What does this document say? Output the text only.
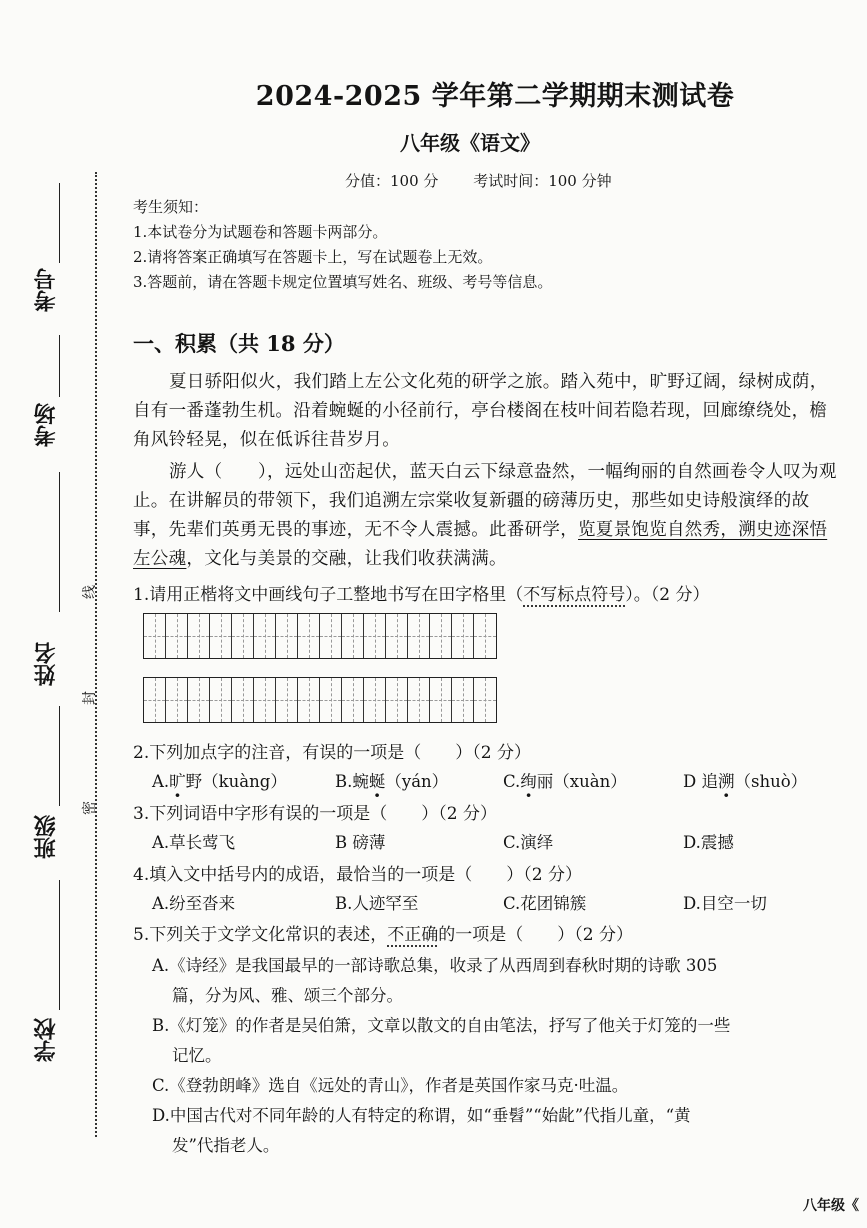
考号
考场
姓名
班级
学校
线
封
密
2024-2025 学年第二学期期末测试卷
八年级《语文》
分值：100 分 考试时间：100 分钟
考生须知：
1.本试卷分为试题卷和答题卡两部分。
2.请将答案正确填写在答题卡上，写在试题卷上无效。
3.答题前，请在答题卡规定位置填写姓名、班级、考号等信息。
一、积累（共 18 分）
夏日骄阳似火，我们踏上左公文化苑的研学之旅。踏入苑中，旷野辽阔，绿树成荫，自有一番蓬勃生机。沿着蜿蜒的小径前行，亭台楼阁在枝叶间若隐若现，回廊缭绕处，檐角风铃轻晃，似在低诉往昔岁月。
游人（　　），远处山峦起伏，蓝天白云下绿意盎然，一幅绚丽的自然画卷令人叹为观止。在讲解员的带领下，我们追溯左宗棠收复新疆的磅薄历史，那些如史诗般演绎的故事，先辈们英勇无畏的事迹，无不令人震撼。此番研学，览夏景饱览自然秀，溯史迹深悟左公魂，文化与美景的交融，让我们收获满满。
1.请用正楷将文中画线句子工整地书写在田字格里（不写标点符号）。（2 分）
2.下列加点字的注音，有误的一项是（　　）（2 分）
A.旷野（kuàng）	B.蜿蜒（yán）	C.绚丽（xuàn）	D 追溯（shuò）
3.下列词语中字形有误的一项是（　　）（2 分）
A.草长莺飞	B 磅薄	C.演绎	D.震撼
4.填入文中括号内的成语，最恰当的一项是（　　）（2 分）
A.纷至沓来	B.人迹罕至	C.花团锦簇	D.目空一切
5.下列关于文学文化常识的表述，不正确的一项是（　　）（2 分）
A.《诗经》是我国最早的一部诗歌总集，收录了从西周到春秋时期的诗歌 305
篇，分为风、雅、颂三个部分。
B.《灯笼》的作者是吴伯箫，文章以散文的自由笔法，抒写了他关于灯笼的一些
记忆。
C.《登勃朗峰》选自《远处的青山》，作者是英国作家马克·吐温。
D.中国古代对不同年龄的人有特定的称谓，如“垂髫”“始龀”代指儿童，“黄
发”代指老人。
八年级《
